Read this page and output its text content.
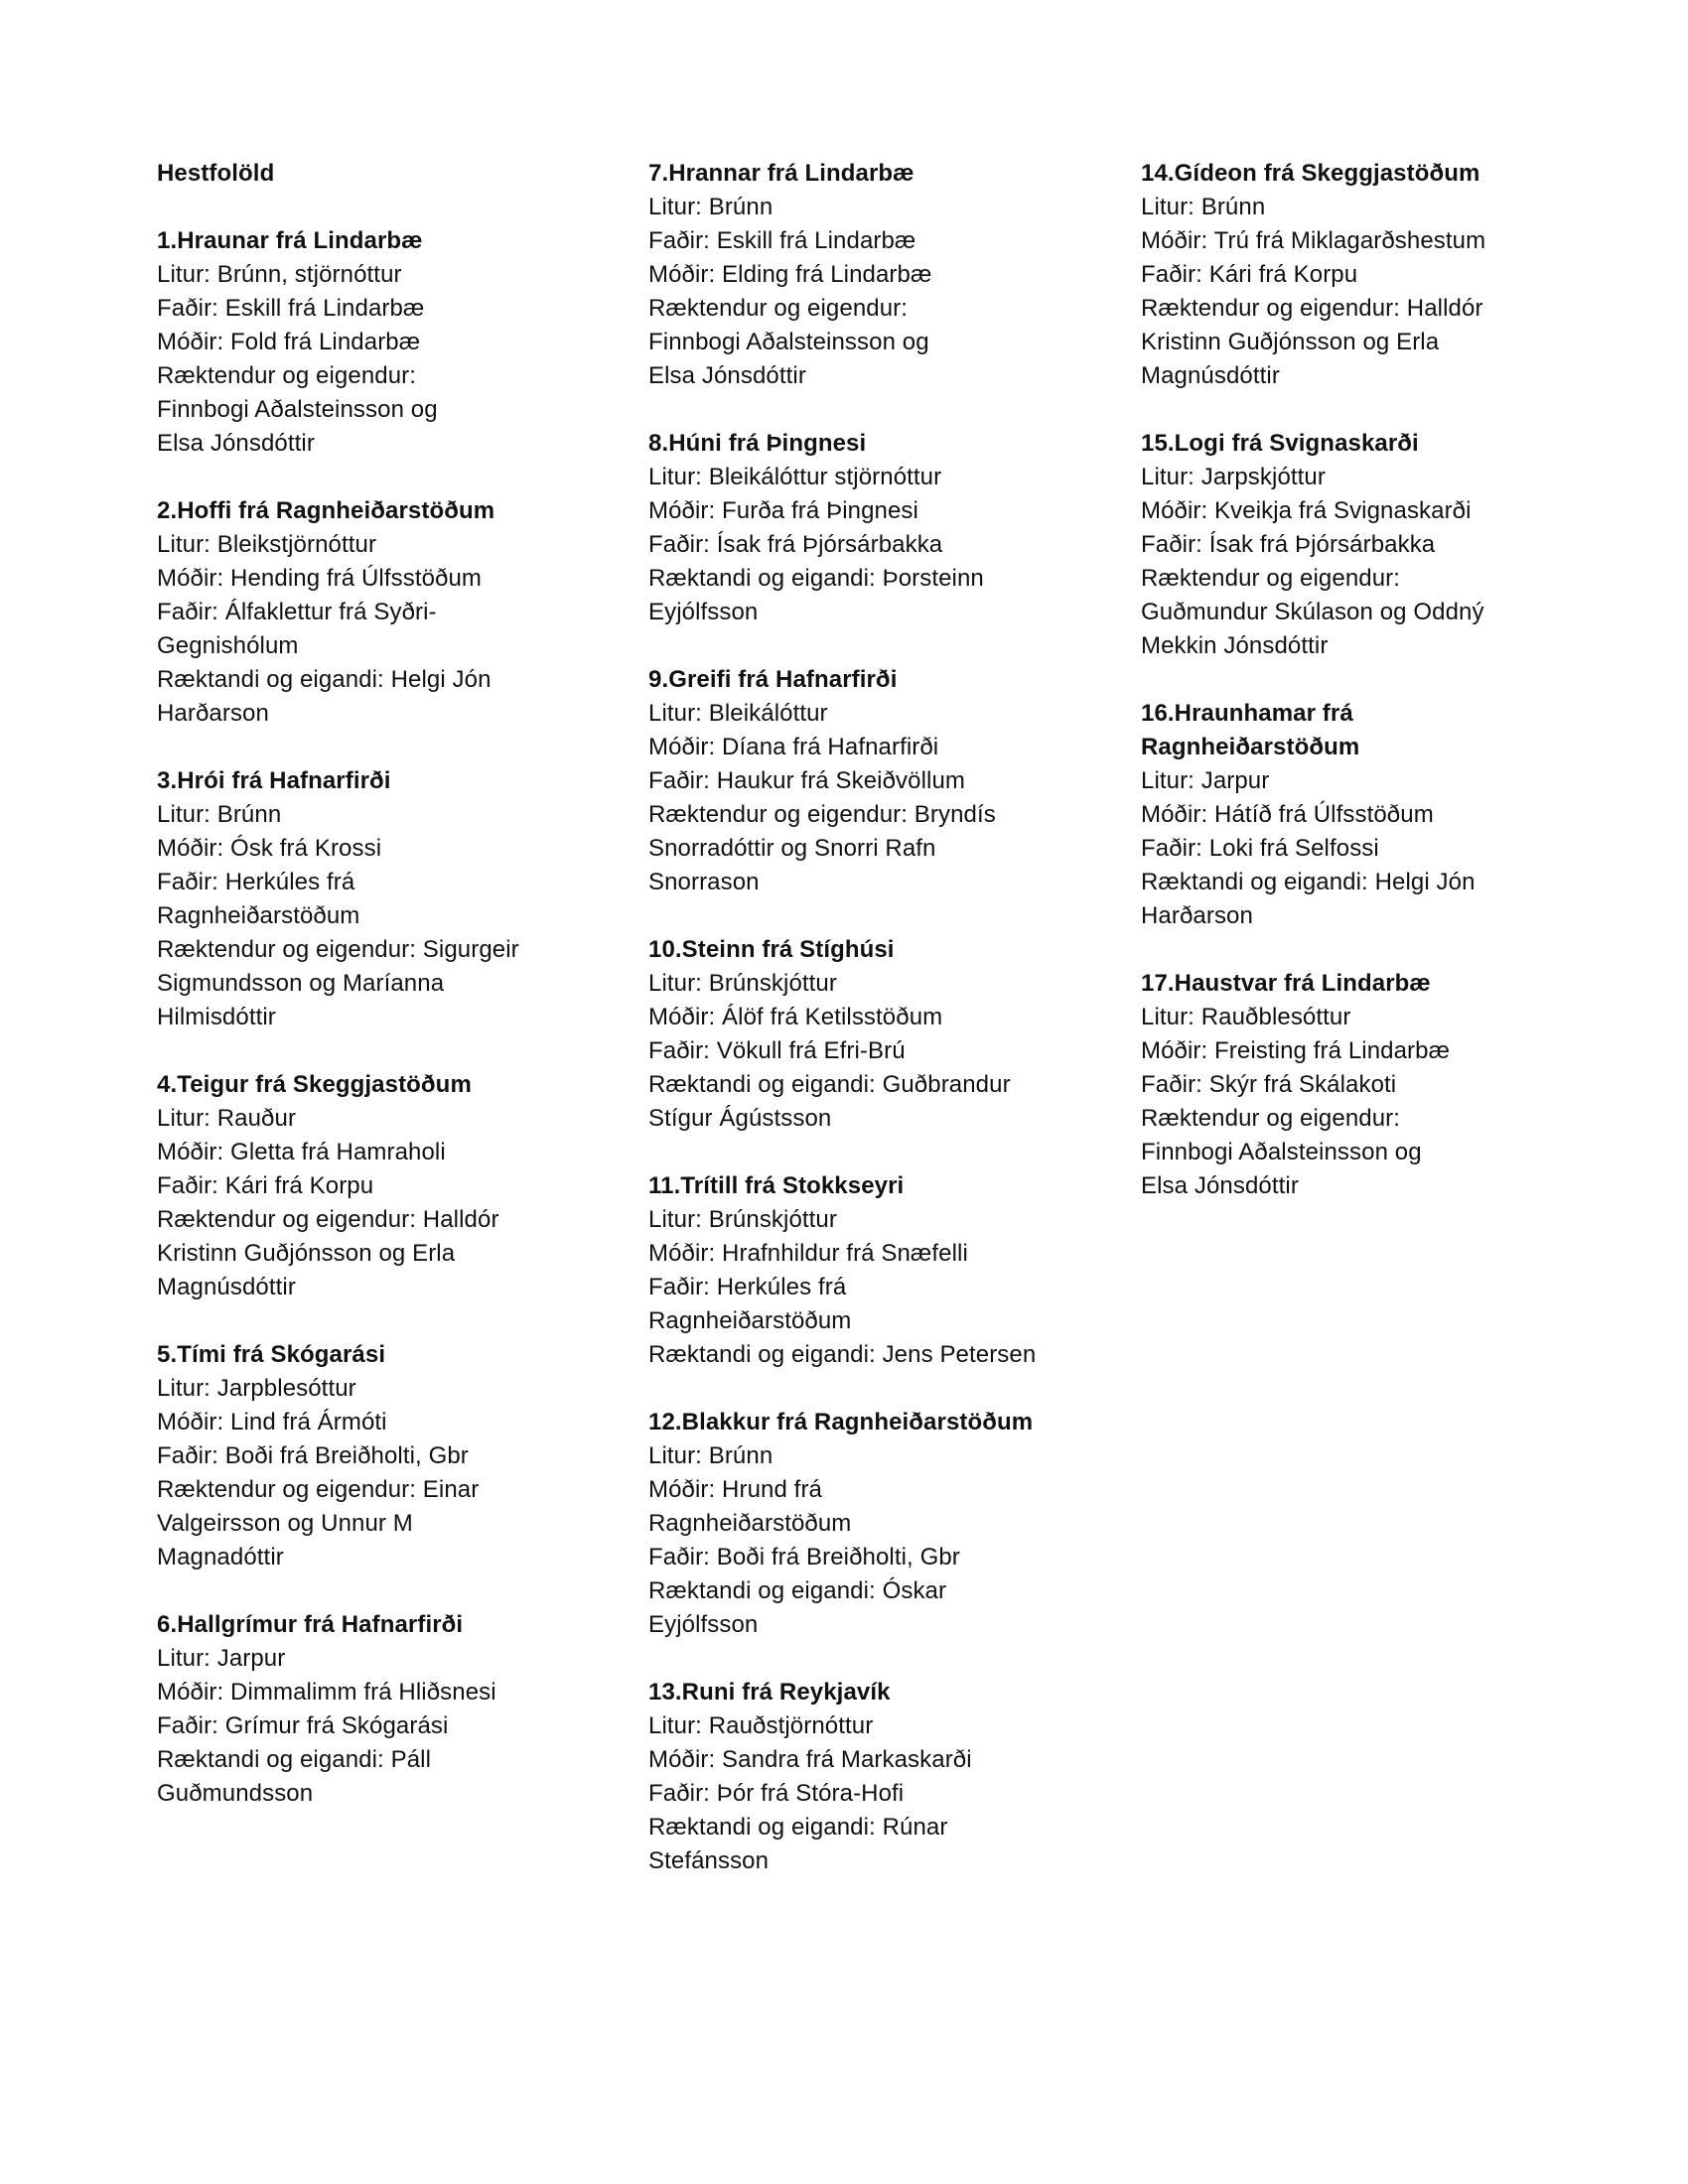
Hestfolöld
1.Hraunar frá Lindarbæ
Litur: Brúnn, stjörnóttur
Faðir: Eskill frá Lindarbæ
Móðir: Fold frá Lindarbæ
Ræktendur og eigendur:
Finnbogi Aðalsteinsson og
Elsa Jónsdóttir
2.Hoffi frá Ragnheiðarstöðum
Litur: Bleikstjörnóttur
Móðir: Hending frá Úlfsstöðum
Faðir: Álfaklettur frá Syðri-
Gegnishólum
Ræktandi og eigandi: Helgi Jón
Harðarson
3.Hrói frá Hafnarfirði
Litur: Brúnn
Móðir: Ósk frá Krossi
Faðir: Herkúles frá
Ragnheiðarstöðum
Ræktendur og eigendur: Sigurgeir
Sigmundsson og Maríanna
Hilmisdóttir
4.Teigur frá Skeggjastöðum
Litur: Rauður
Móðir: Gletta frá Hamraholi
Faðir: Kári frá Korpu
Ræktendur og eigendur: Halldór
Kristinn Guðjónsson og Erla
Magnúsdóttir
5.Tími frá Skógarási
Litur: Jarpblesóttur
Móðir: Lind frá Ármóti
Faðir: Boði frá Breiðholti, Gbr
Ræktendur og eigendur: Einar
Valgeirsson og Unnur M
Magnadóttir
6.Hallgrímur frá Hafnarfirði
Litur: Jarpur
Móðir: Dimmalimm frá Hliðsnesi
Faðir: Grímur frá Skógarási
Ræktandi og eigandi: Páll
Guðmundsson
7.Hrannar frá Lindarbæ
Litur: Brúnn
Faðir: Eskill frá Lindarbæ
Móðir: Elding frá Lindarbæ
Ræktendur og eigendur:
Finnbogi Aðalsteinsson og
Elsa Jónsdóttir
8.Húni frá Þingnesi
Litur: Bleikálóttur stjörnóttur
Móðir: Furða frá Þingnesi
Faðir: Ísak frá Þjórsárbakka
Ræktandi og eigandi: Þorsteinn
Eyjólfsson
9.Greifi frá Hafnarfirði
Litur: Bleikálóttur
Móðir: Díana frá Hafnarfirði
Faðir: Haukur frá Skeiðvöllum
Ræktendur og eigendur: Bryndís
Snorradóttir og Snorri Rafn
Snorrason
10.Steinn frá Stíghúsi
Litur: Brúnskjóttur
Móðir: Álöf frá Ketilsstöðum
Faðir: Vökull frá Efri-Brú
Ræktandi og eigandi: Guðbrandur
Stígur Ágústsson
11.Trítill frá Stokkseyri
Litur: Brúnskjóttur
Móðir: Hrafnhildur frá Snæfelli
Faðir: Herkúles frá
Ragnheiðarstöðum
Ræktandi og eigandi: Jens Petersen
12.Blakkur frá Ragnheiðarstöðum
Litur: Brúnn
Móðir: Hrund frá
Ragnheiðarstöðum
Faðir: Boði frá Breiðholti, Gbr
Ræktandi og eigandi: Óskar
Eyjólfsson
13.Runi frá Reykjavík
Litur: Rauðstjörnóttur
Móðir: Sandra frá Markaskarði
Faðir: Þór frá Stóra-Hofi
Ræktandi og eigandi: Rúnar
Stefánsson
14.Gídeon frá Skeggjastöðum
Litur: Brúnn
Móðir: Trú frá Miklagarðshestum
Faðir: Kári frá Korpu
Ræktendur og eigendur: Halldór
Kristinn Guðjónsson og Erla
Magnúsdóttir
15.Logi frá Svignaskarði
Litur: Jarpskjóttur
Móðir: Kveikja frá Svignaskarði
Faðir: Ísak frá Þjórsárbakka
Ræktendur og eigendur:
Guðmundur Skúlason og Oddný
Mekkin Jónsdóttir
16.Hraunhamar frá
Ragnheiðarstöðum
Litur: Jarpur
Móðir: Hátíð frá Úlfsstöðum
Faðir: Loki frá Selfossi
Ræktandi og eigandi: Helgi Jón
Harðarson
17.Haustvar frá Lindarbæ
Litur: Rauðblesóttur
Móðir: Freisting frá Lindarbæ
Faðir: Skýr frá Skálakoti
Ræktendur og eigendur:
Finnbogi Aðalsteinsson og
Elsa Jónsdóttir
